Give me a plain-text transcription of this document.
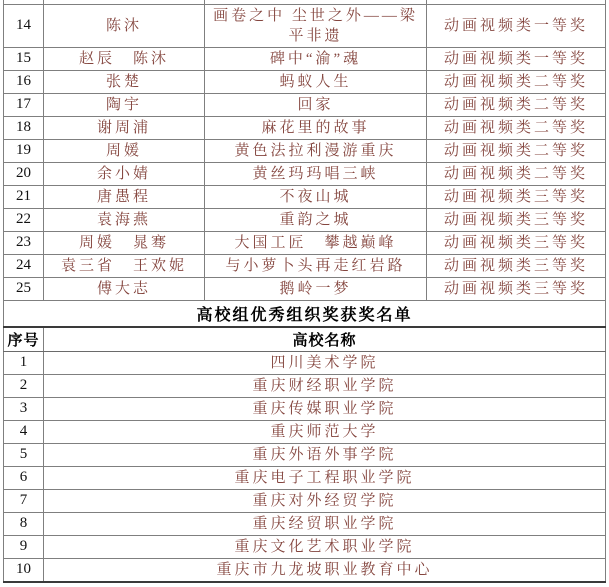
14	陈沐	画卷之中 尘世之外——梁平非遗	动画视频类一等奖
15	赵辰　陈沐	碑中“渝”魂	动画视频类一等奖
16	张楚	蚂蚁人生	动画视频类二等奖
17	陶宇	回家	动画视频类二等奖
18	谢周浦	麻花里的故事	动画视频类二等奖
19	周媛	黄色法拉利漫游重庆	动画视频类二等奖
20	余小婧	黄丝玛玛唱三峡	动画视频类二等奖
21	唐愚程	不夜山城	动画视频类三等奖
22	袁海燕	重韵之城	动画视频类三等奖
23	周媛　晁骞	大国工匠　攀越巅峰	动画视频类三等奖
24	袁三省　王欢妮	与小萝卜头再走红岩路	动画视频类三等奖
25	傅大志	鹅岭一梦	动画视频类三等奖
高校组优秀组织奖获奖名单			
序号	高校名称		
1	四川美术学院		
2	重庆财经职业学院		
3	重庆传媒职业学院		
4	重庆师范大学		
5	重庆外语外事学院		
6	重庆电子工程职业学院		
7	重庆对外经贸学院		
8	重庆经贸职业学院		
9	重庆文化艺术职业学院		
10	重庆市九龙坡职业教育中心		
